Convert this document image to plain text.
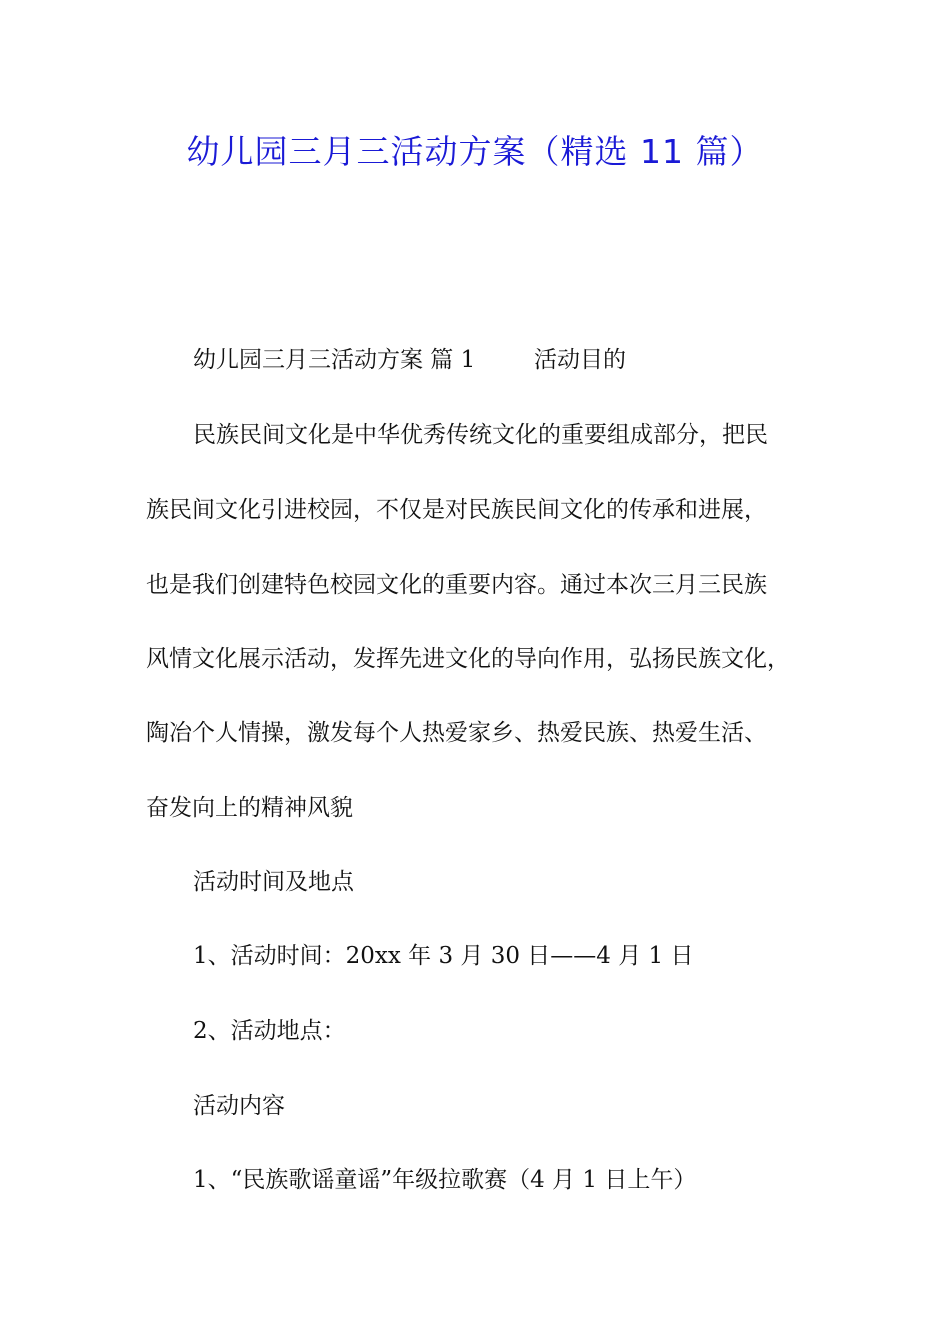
幼儿园三月三活动方案（精选 11 篇）
幼儿园三月三活动方案 篇 1	活动目的
民族民间文化是中华优秀传统文化的重要组成部分，把民
族民间文化引进校园，不仅是对民族民间文化的传承和进展，
也是我们创建特色校园文化的重要内容。通过本次三月三民族
风情文化展示活动，发挥先进文化的导向作用，弘扬民族文化，
陶冶个人情操，激发每个人热爱家乡、热爱民族、热爱生活、
奋发向上的精神风貌
活动时间及地点
1、活动时间：20xx 年 3 月 30 日——4 月 1 日
2、活动地点：
活动内容
1、“民族歌谣童谣”年级拉歌赛（4 月 1 日上午）
